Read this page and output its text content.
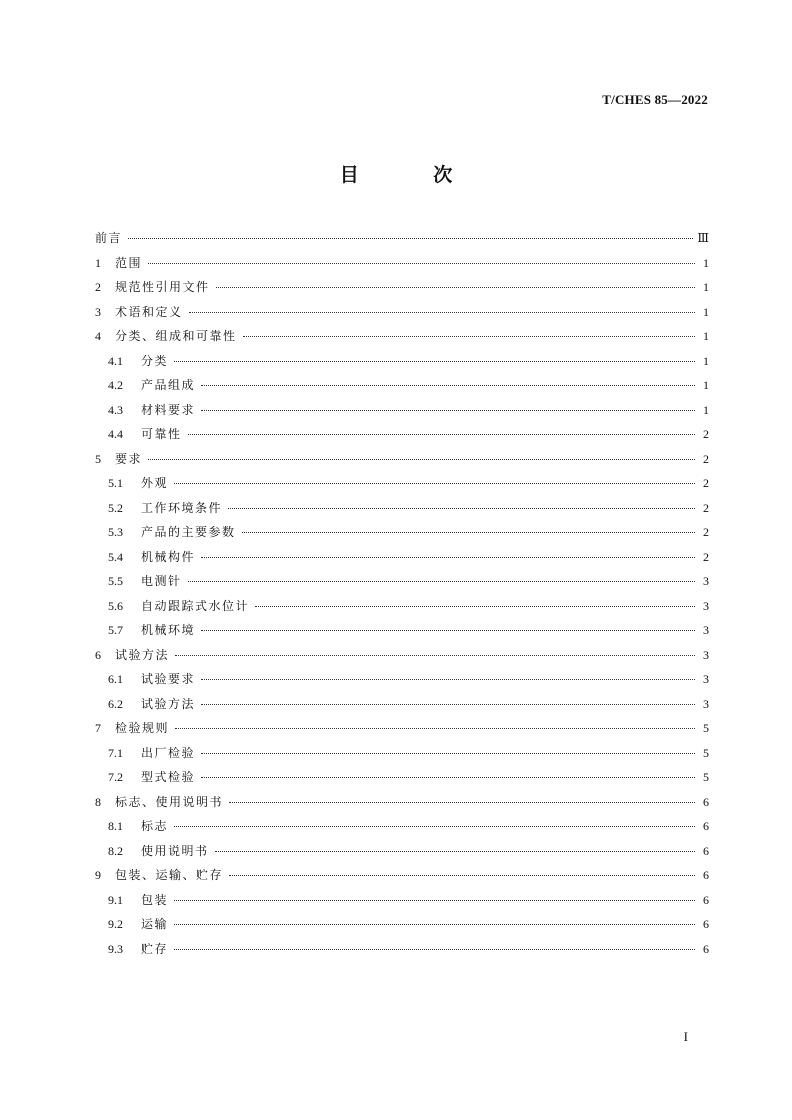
T/CHES 85—2022
目 次
前言	Ⅲ
1	范围	1
2	规范性引用文件	1
3	术语和定义	1
4	分类、组成和可靠性	1
4.1	分类	1
4.2	产品组成	1
4.3	材料要求	1
4.4	可靠性	2
5	要求	2
5.1	外观	2
5.2	工作环境条件	2
5.3	产品的主要参数	2
5.4	机械构件	2
5.5	电测针	3
5.6	自动跟踪式水位计	3
5.7	机械环境	3
6	试验方法	3
6.1	试验要求	3
6.2	试验方法	3
7	检验规则	5
7.1	出厂检验	5
7.2	型式检验	5
8	标志、使用说明书	6
8.1	标志	6
8.2	使用说明书	6
9	包装、运输、贮存	6
9.1	包装	6
9.2	运输	6
9.3	贮存	6
I
